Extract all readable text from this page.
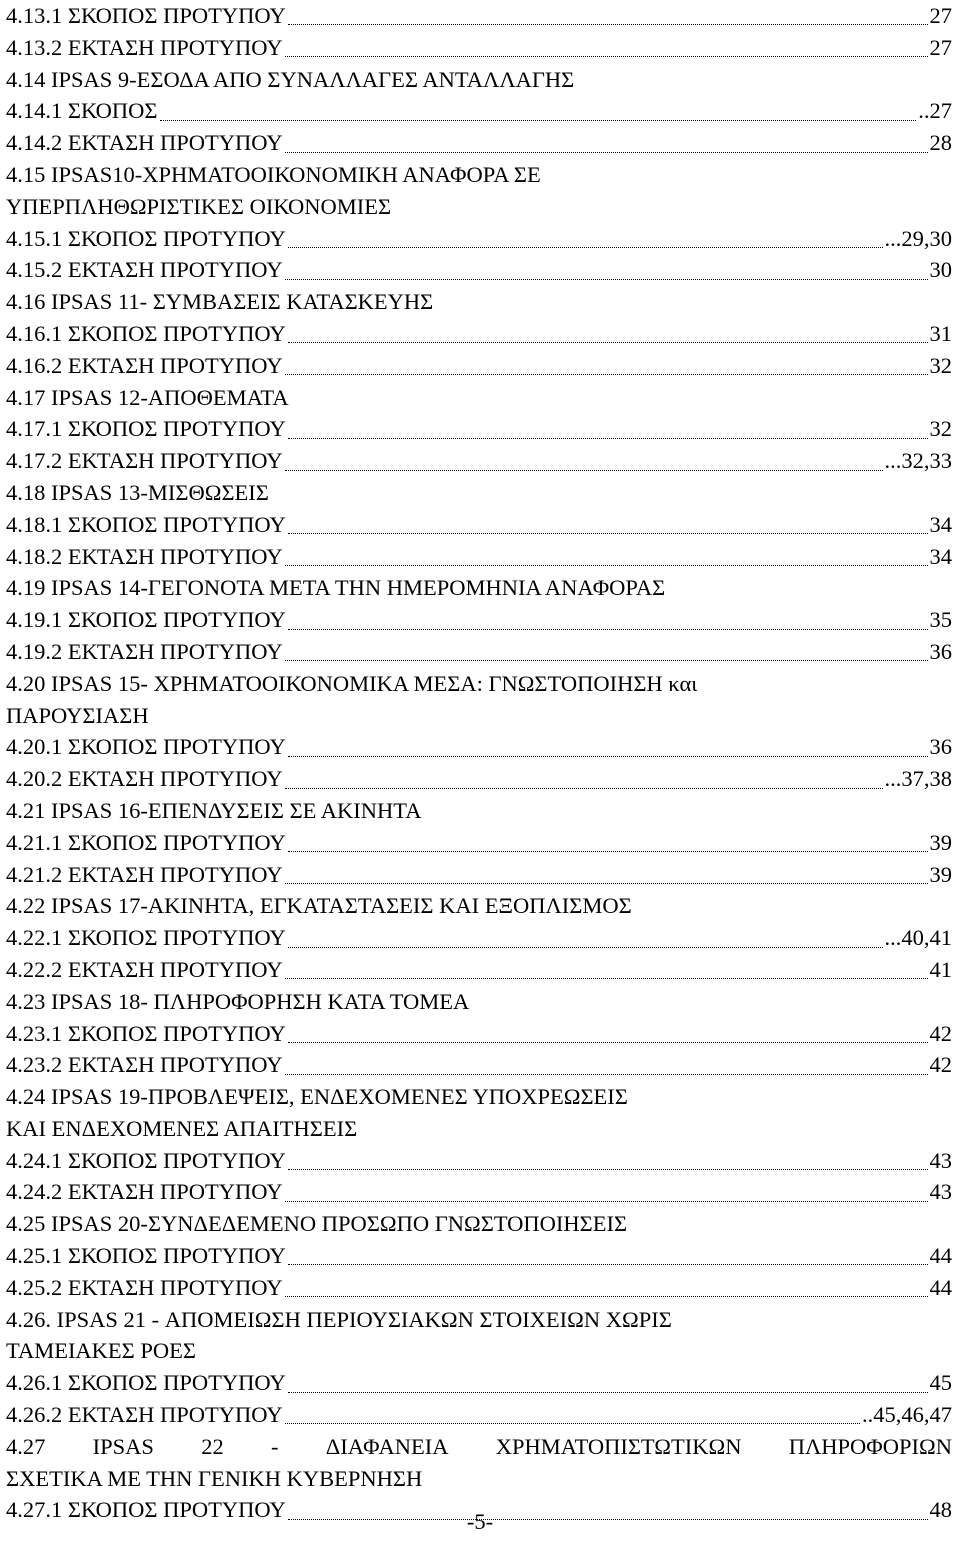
4.13.1 ΣΚΟΠΟΣ ΠΡΟΤΥΠΟΥ	27
4.13.2 ΕΚΤΑΣΗ ΠΡΟΤΥΠΟΥ	27
4.14 IPSAS 9-ΕΣΟΔΑ ΑΠΟ ΣΥΝΑΛΛΑΓΕΣ ΑΝΤΑΛΛΑΓΗΣ
4.14.1 ΣΚΟΠΟΣ	..27
4.14.2 ΕΚΤΑΣΗ ΠΡΟΤΥΠΟΥ	28
4.15 IPSAS10-ΧΡΗΜΑΤΟΟΙΚΟΝΟΜΙΚΗ ΑΝΑΦΟΡΑ ΣΕ
ΥΠΕΡΠΛΗΘΩΡΙΣΤΙΚΕΣ ΟΙΚΟΝΟΜΙΕΣ
4.15.1 ΣΚΟΠΟΣ ΠΡΟΤΥΠΟΥ	...29,30
4.15.2 ΕΚΤΑΣΗ ΠΡΟΤΥΠΟΥ	30
4.16 IPSAS 11- ΣΥΜΒΑΣΕΙΣ ΚΑΤΑΣΚΕΥΗΣ
4.16.1 ΣΚΟΠΟΣ ΠΡΟΤΥΠΟΥ	31
4.16.2 ΕΚΤΑΣΗ ΠΡΟΤΥΠΟΥ	32
4.17 IPSAS 12-ΑΠΟΘΕΜΑΤΑ
4.17.1 ΣΚΟΠΟΣ ΠΡΟΤΥΠΟΥ	32
4.17.2 ΕΚΤΑΣΗ ΠΡΟΤΥΠΟΥ	...32,33
4.18 IPSAS 13-ΜΙΣΘΩΣΕΙΣ
4.18.1 ΣΚΟΠΟΣ ΠΡΟΤΥΠΟΥ	34
4.18.2 ΕΚΤΑΣΗ ΠΡΟΤΥΠΟΥ	34
4.19 IPSAS 14-ΓΕΓΟΝΟΤΑ ΜΕΤΑ ΤΗΝ ΗΜΕΡΟΜΗΝΙΑ ΑΝΑΦΟΡΑΣ
4.19.1 ΣΚΟΠΟΣ ΠΡΟΤΥΠΟΥ	35
4.19.2 ΕΚΤΑΣΗ ΠΡΟΤΥΠΟΥ	36
4.20 IPSAS 15- ΧΡΗΜΑΤΟΟΙΚΟΝΟΜΙΚΑ ΜΕΣΑ: ΓΝΩΣΤΟΠΟΙΗΣΗ και
ΠΑΡΟΥΣΙΑΣΗ
4.20.1 ΣΚΟΠΟΣ ΠΡΟΤΥΠΟΥ	36
4.20.2 ΕΚΤΑΣΗ ΠΡΟΤΥΠΟΥ	...37,38
4.21 IPSAS 16-ΕΠΕΝΔΥΣΕΙΣ ΣΕ ΑΚΙΝΗΤΑ
4.21.1 ΣΚΟΠΟΣ ΠΡΟΤΥΠΟΥ	39
4.21.2 ΕΚΤΑΣΗ ΠΡΟΤΥΠΟΥ	39
4.22 IPSAS 17-ΑΚΙΝΗΤΑ, ΕΓΚΑΤΑΣΤΑΣΕΙΣ ΚΑΙ ΕΞΟΠΛΙΣΜΟΣ
4.22.1 ΣΚΟΠΟΣ ΠΡΟΤΥΠΟΥ	...40,41
4.22.2 ΕΚΤΑΣΗ ΠΡΟΤΥΠΟΥ	41
4.23 IPSAS 18- ΠΛΗΡΟΦΟΡΗΣΗ ΚΑΤΑ ΤΟΜΕΑ
4.23.1 ΣΚΟΠΟΣ ΠΡΟΤΥΠΟΥ	42
4.23.2 ΕΚΤΑΣΗ ΠΡΟΤΥΠΟΥ	42
4.24 IPSAS 19-ΠΡΟΒΛΕΨΕΙΣ, ΕΝΔΕΧΟΜΕΝΕΣ ΥΠΟΧΡΕΩΣΕΙΣ
ΚΑΙ ΕΝΔΕΧΟΜΕΝΕΣ ΑΠΑΙΤΗΣΕΙΣ
4.24.1 ΣΚΟΠΟΣ ΠΡΟΤΥΠΟΥ	43
4.24.2 ΕΚΤΑΣΗ ΠΡΟΤΥΠΟΥ	43
4.25 IPSAS 20-ΣΥΝΔΕΔΕΜΕΝΟ ΠΡΟΣΩΠΟ ΓΝΩΣΤΟΠΟΙΗΣΕΙΣ
4.25.1 ΣΚΟΠΟΣ ΠΡΟΤΥΠΟΥ	44
4.25.2 ΕΚΤΑΣΗ ΠΡΟΤΥΠΟΥ	44
4.26. IPSAS 21 - ΑΠΟΜΕΙΩΣΗ ΠΕΡΙΟΥΣΙΑΚΩΝ ΣΤΟΙΧΕΙΩΝ ΧΩΡΙΣ
ΤΑΜΕΙΑΚΕΣ ΡΟΕΣ
4.26.1 ΣΚΟΠΟΣ ΠΡΟΤΥΠΟΥ	45
4.26.2 ΕΚΤΑΣΗ ΠΡΟΤΥΠΟΥ	..45,46,47
4.27 IPSAS 22 - ΔΙΑΦΑΝΕΙΑ ΧΡΗΜΑΤΟΠΙΣΤΩΤΙΚΩΝ ΠΛΗΡΟΦΟΡΙΩΝ
ΣΧΕΤΙΚΑ ΜΕ ΤΗΝ ΓΕΝΙΚΗ ΚΥΒΕΡΝΗΣΗ
4.27.1 ΣΚΟΠΟΣ ΠΡΟΤΥΠΟΥ	48
-5-
